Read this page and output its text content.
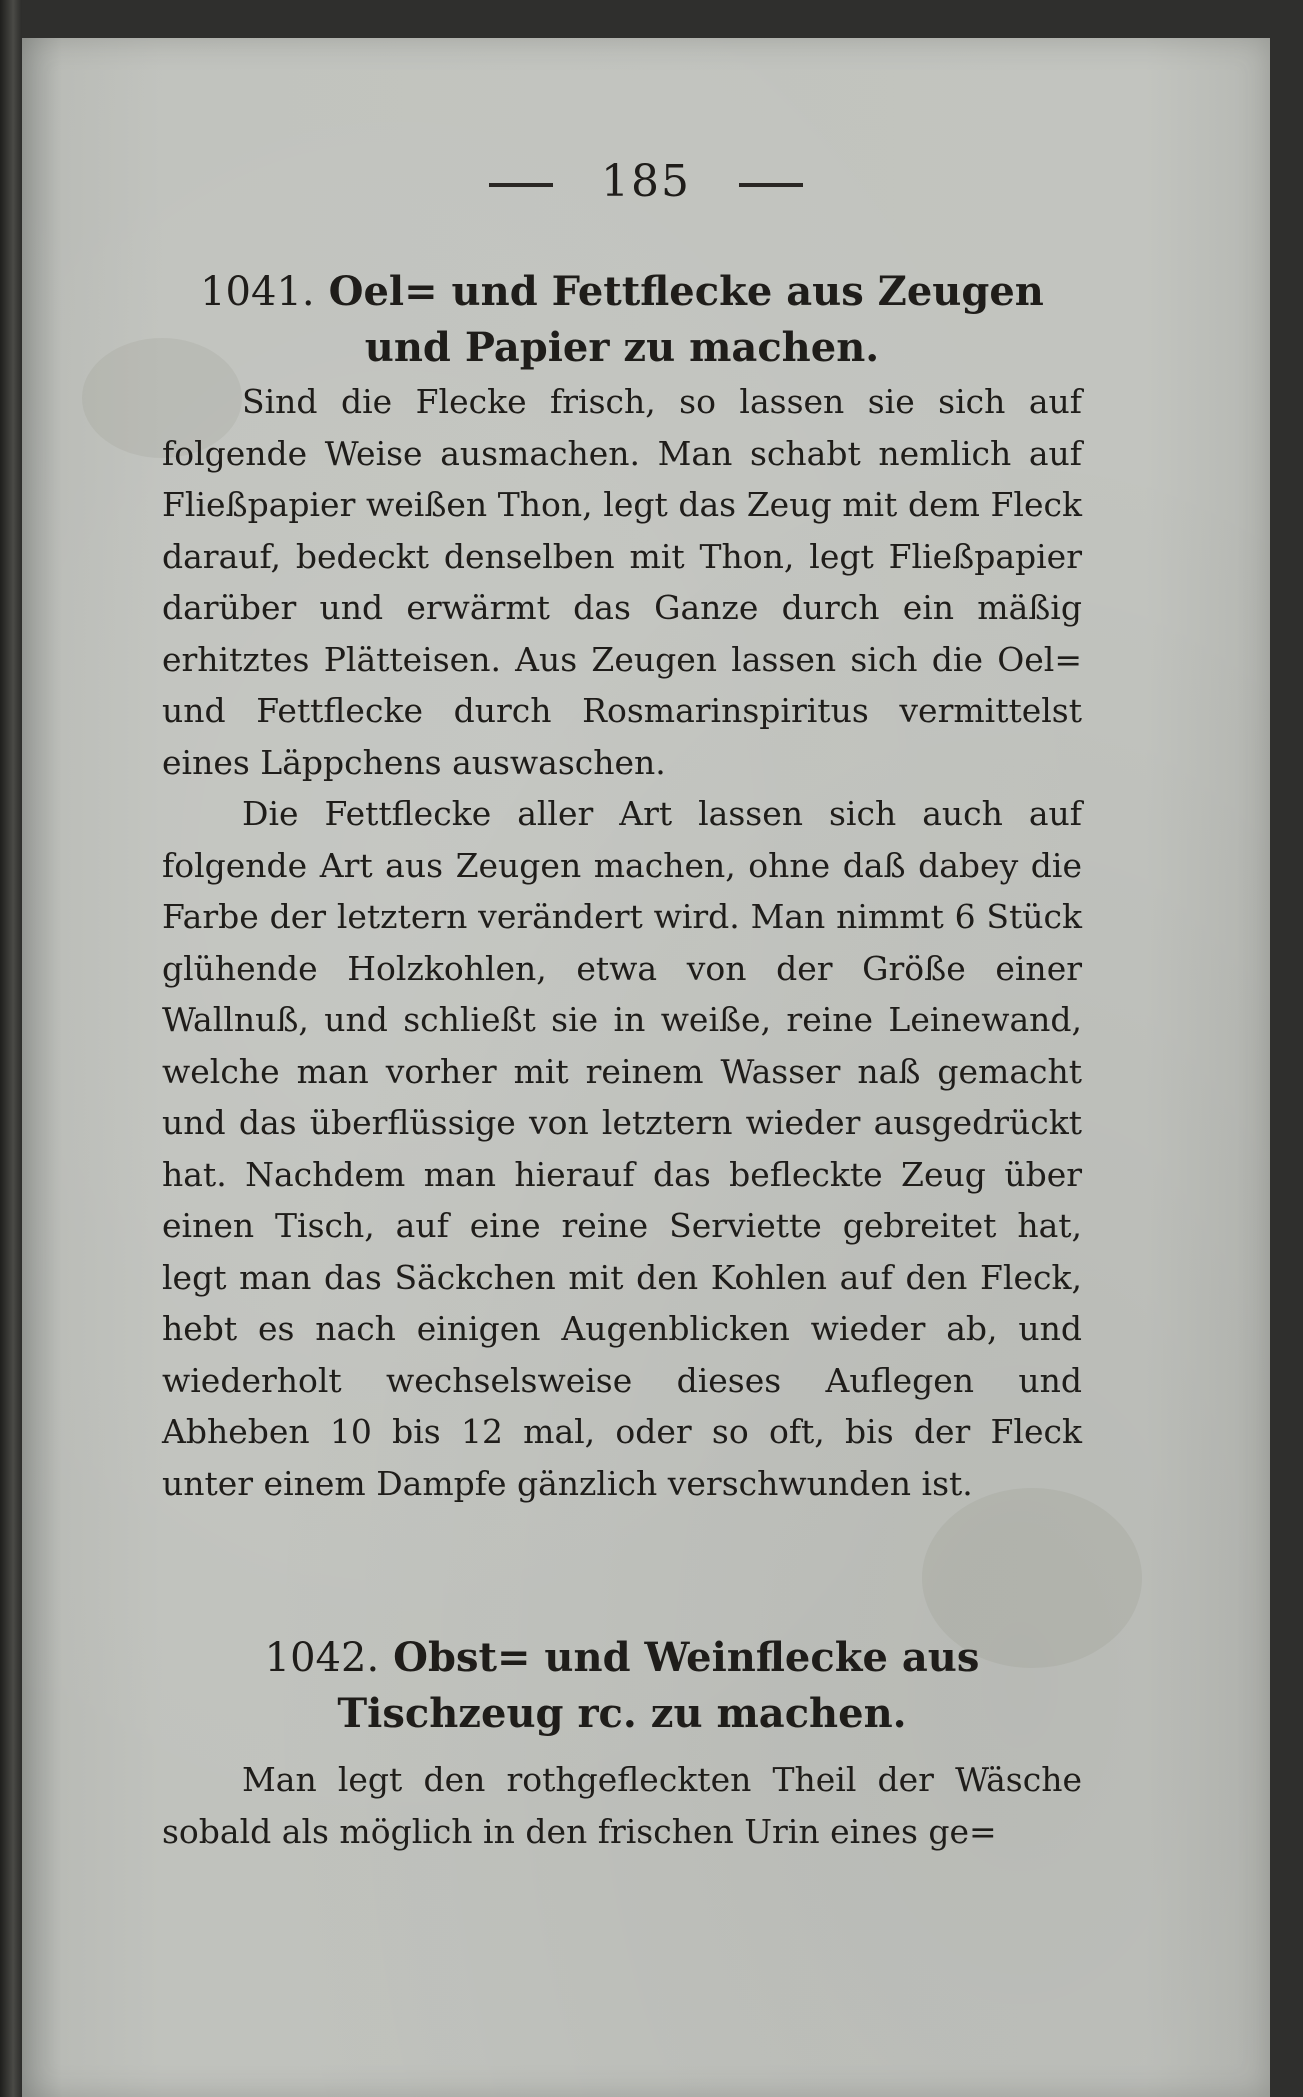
185

1041. Oel= und Fettflecke aus Zeugen und Papier zu machen.

Sind die Flecke frisch, so lassen sie sich auf folgende Weise ausmachen. Man schabt nemlich auf Fließpapier weißen Thon, legt das Zeug mit dem Fleck darauf, bedeckt denselben mit Thon, legt Fließpapier darüber und erwärmt das Ganze durch ein mäßig erhitztes Plätteisen. Aus Zeugen lassen sich die Oel= und Fettflecke durch Rosmarinspiritus vermittelst eines Läppchens auswaschen.

Die Fettflecke aller Art lassen sich auch auf folgende Art aus Zeugen machen, ohne daß dabey die Farbe der letztern verändert wird. Man nimmt 6 Stück glühende Holzkohlen, etwa von der Größe einer Wallnuß, und schließt sie in weiße, reine Leinewand, welche man vorher mit reinem Wasser naß gemacht und das überflüssige von letztern wieder ausgedrückt hat. Nachdem man hierauf das befleckte Zeug über einen Tisch, auf eine reine Serviette gebreitet hat, legt man das Säckchen mit den Kohlen auf den Fleck, hebt es nach einigen Augenblicken wieder ab, und wiederholt wechselsweise dieses Auflegen und Abheben 10 bis 12 mal, oder so oft, bis der Fleck unter einem Dampfe gänzlich verschwunden ist.

1042. Obst= und Weinflecke aus Tischzeug rc. zu machen.

Man legt den rothgefleckten Theil der Wäsche sobald als möglich in den frischen Urin eines ge=
